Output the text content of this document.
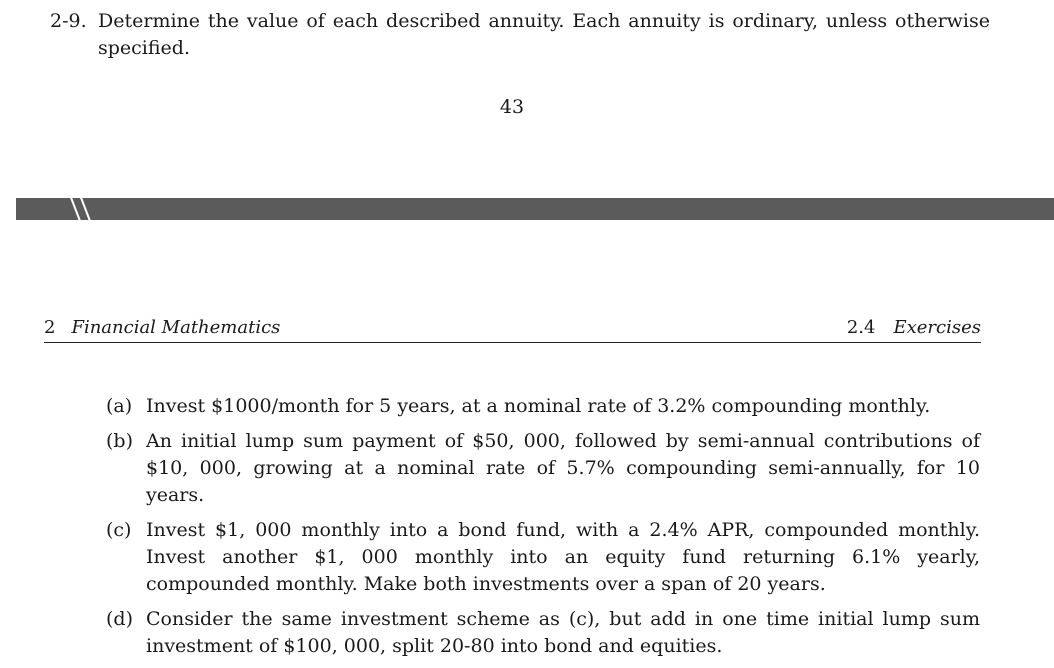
2-9. Determine the value of each described annuity. Each annuity is ordinary, unless otherwise specified.
43
2 Financial Mathematics	2.4 Exercises
(a) Invest $1000/month for 5 years, at a nominal rate of 3.2% compounding monthly.
(b) An initial lump sum payment of $50, 000, followed by semi-annual contributions of $10, 000, growing at a nominal rate of 5.7% compounding semi-annually, for 10 years.
(c) Invest $1, 000 monthly into a bond fund, with a 2.4% APR, compounded monthly. Invest another $1, 000 monthly into an equity fund returning 6.1% yearly, compounded monthly. Make both investments over a span of 20 years.
(d) Consider the same investment scheme as (c), but add in one time initial lump sum investment of $100, 000, split 20-80 into bond and equities.
